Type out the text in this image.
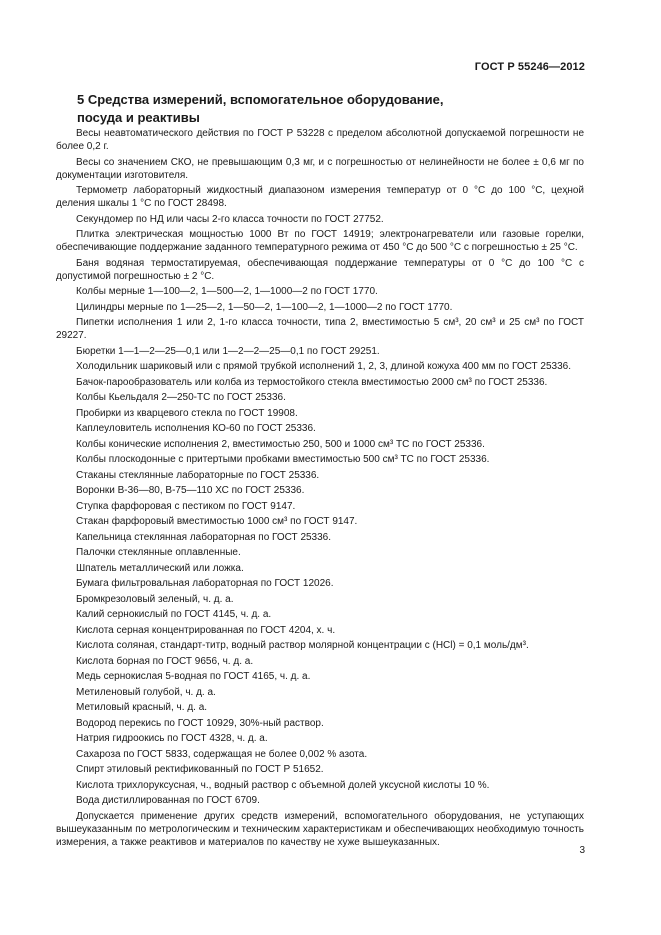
ГОСТ Р 55246—2012
5 Средства измерений, вспомогательное оборудование,
посуда и реактивы

Весы неавтоматического действия по ГОСТ Р 53228 с пределом абсолютной допускаемой погрешности не более 0,2 г.

Весы со значением СКО, не превышающим 0,3 мг, и с погрешностью от нелинейности не более ± 0,6 мг по документации изготовителя.

Термометр лабораторный жидкостный диапазоном измерения температур от 0 °С до 100 °С, цеҳной деления шкалы 1 °С по ГОСТ 28498.

Секундомер по НД или часы 2-го класса точности по ГОСТ 27752.

Плитка электрическая мощностью 1000 Вт по ГОСТ 14919; электронагреватели или газовые горелки, обеспечивающие поддержание заданного температурного режима от 450 °С до 500 °С с погрешностью ± 25 °С.

Баня водяная термостатируемая, обеспечивающая поддержание температуры от 0 °С до 100 °С с допустимой погрешностью ± 2 °С.

Колбы мерные 1—100—2, 1—500—2, 1—1000—2 по ГОСТ 1770.

Цилиндры мерные по 1—25—2, 1—50—2, 1—100—2, 1—1000—2 по ГОСТ 1770.

Пипетки исполнения 1 или 2, 1-го класса точности, типа 2, вместимостью 5 см³, 20 см³ и 25 см³ по ГОСТ 29227.

Бюретки 1—1—2—25—0,1 или 1—2—2—25—0,1 по ГОСТ 29251.

Холодильник шариковый или с прямой трубкой исполнений 1, 2, 3, длиной кожуха 400 мм по ГОСТ 25336.

Бачок-парообразователь или колба из термостойкого стекла вместимостью 2000 см³ по ГОСТ 25336.

Колбы Кьельдаля 2—250-ТС по ГОСТ 25336.

Пробирки из кварцевого стекла по ГОСТ 19908.

Каплеуловитель исполнения КО-60 по ГОСТ 25336.

Колбы конические исполнения 2, вместимостью 250, 500 и 1000 см³ ТС по ГОСТ 25336.

Колбы плоскодонные с притертыми пробками вместимостью 500 см³ ТС по ГОСТ 25336.

Стаканы стеклянные лабораторные по ГОСТ 25336.

Воронки В-36—80, В-75—110 ХС по ГОСТ 25336.

Ступка фарфоровая с пестиком по ГОСТ 9147.

Стакан фарфоровый вместимостью 1000 см³ по ГОСТ 9147.

Капельница стеклянная лабораторная по ГОСТ 25336.

Палочки стеклянные оплавленные.

Шпатель металлический или ложка.

Бумага фильтровальная лабораторная по ГОСТ 12026.

Бромкрезоловый зеленый, ч. д. а.

Калий сернокислый по ГОСТ 4145, ч. д. а.

Кислота серная концентрированная по ГОСТ 4204, х. ч.

Кислота соляная, стандарт-титр, водный раствор молярной концентрации с (HCl) = 0,1 моль/дм³.

Кислота борная по ГОСТ 9656, ч. д. а.

Медь сернокислая 5-водная по ГОСТ 4165, ч. д. а.

Метиленовый голубой, ч. д. а.

Метиловый красный, ч. д. а.

Водород перекись по ГОСТ 10929, 30%-ный раствор.

Натрия гидроокись по ГОСТ 4328, ч. д. а.

Сахароза по ГОСТ 5833, содержащая не более 0,002 % азота.

Спирт этиловый ректификованный по ГОСТ Р 51652.

Кислота трихлоруксусная, ч., водный раствор с объемной долей уксусной кислоты 10 %.

Вода дистиллированная по ГОСТ 6709.

Допускается применение других средств измерений, вспомогательного оборудования, не уступающих вышеуказанным по метрологическим и техническим характеристикам и обеспечивающих необходимую точность измерения, а также реактивов и материалов по качеству не хуже вышеуказанных.

3
